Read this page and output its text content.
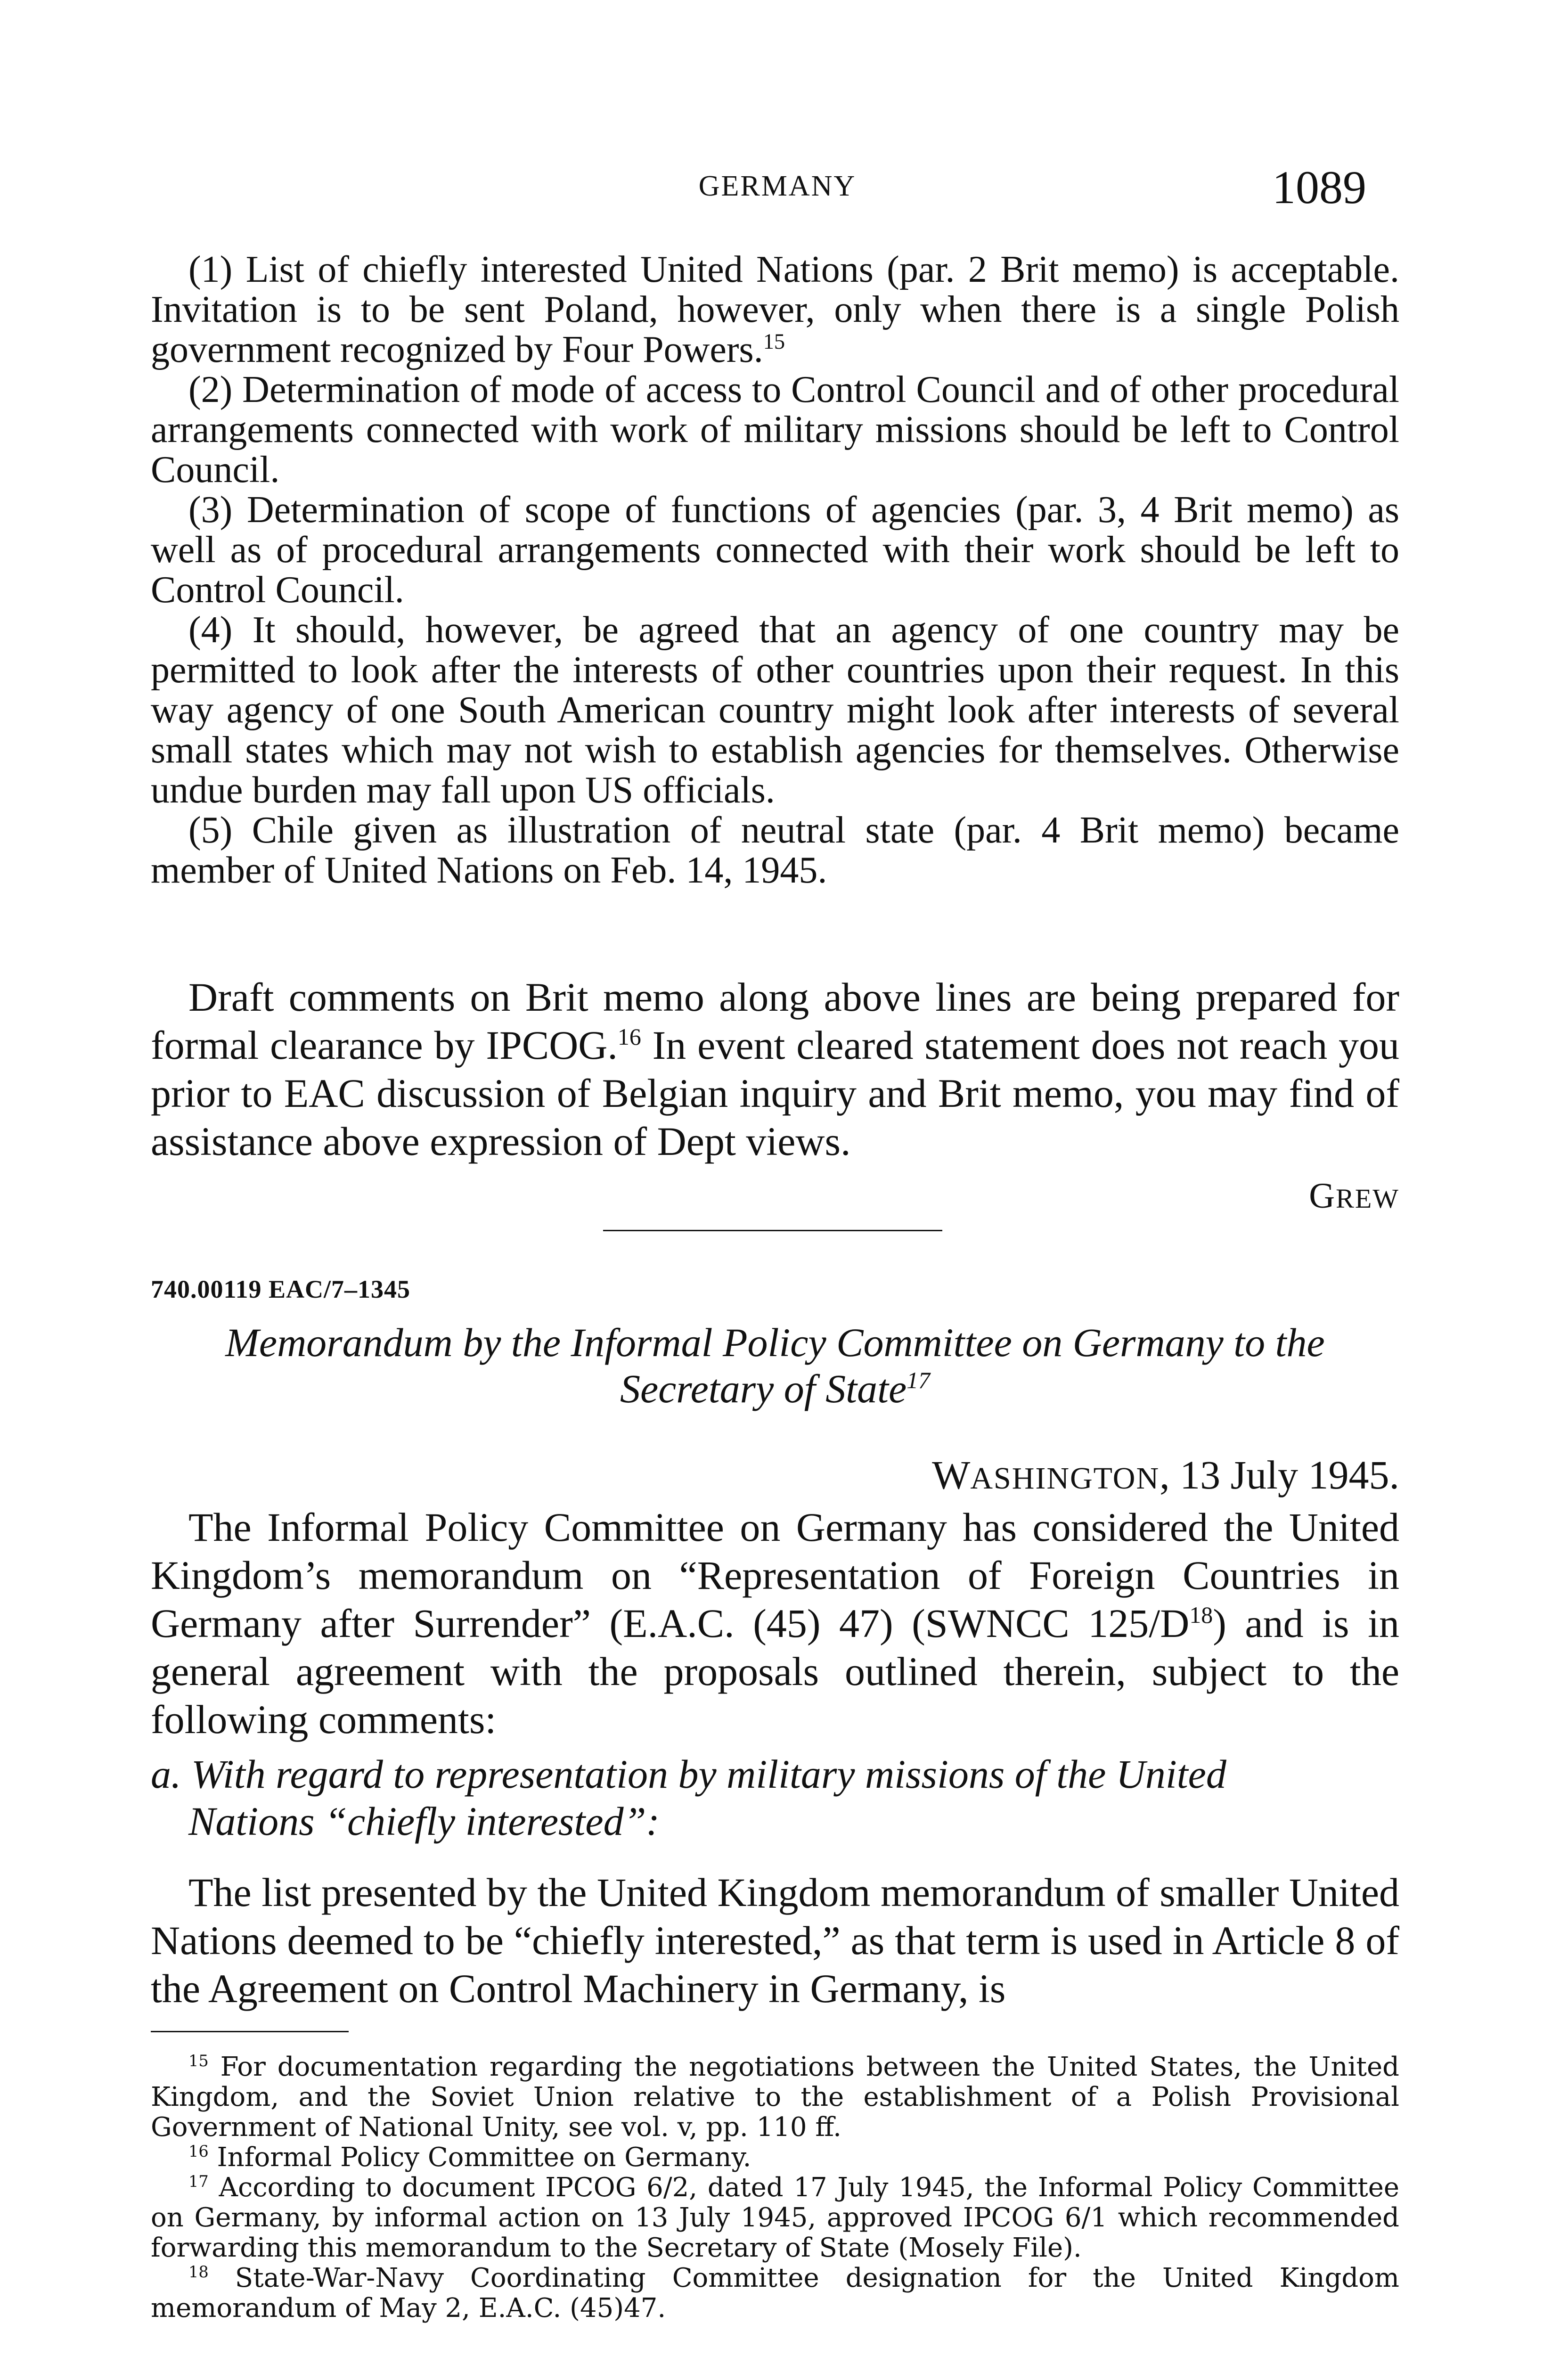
GERMANY	1089

(1) List of chiefly interested United Nations (par. 2 Brit memo) is acceptable. Invitation is to be sent Poland, however, only when there is a single Polish government recognized by Four Powers.$^{15}$

(2) Determination of mode of access to Control Council and of other procedural arrangements connected with work of military missions should be left to Control Council.

(3) Determination of scope of functions of agencies (par. 3, 4 Brit memo) as well as of procedural arrangements connected with their work should be left to Control Council.

(4) It should, however, be agreed that an agency of one country may be permitted to look after the interests of other countries upon their request. In this way agency of one South American country might look after interests of several small states which may not wish to establish agencies for themselves. Otherwise undue burden may fall upon US officials.

(5) Chile given as illustration of neutral state (par. 4 Brit memo) became member of United Nations on Feb. 14, 1945.

Draft comments on Brit memo along above lines are being prepared for formal clearance by IPCOG.$^{16}$ In event cleared statement does not reach you prior to EAC discussion of Belgian inquiry and Brit memo, you may find of assistance above expression of Dept views.

GREW
740.00119 EAC/7–1345
Memorandum by the Informal Policy Committee on Germany to the
Secretary of State$^{17}$
WASHINGTON, 13 July 1945.

The Informal Policy Committee on Germany has considered the United Kingdom’s memorandum on “Representation of Foreign Countries in Germany after Surrender” (E.A.C. (45) 47) (SWNCC $125/D^{18}$) and is in general agreement with the proposals outlined therein, subject to the following comments:

a. With regard to representation by military missions of the United
Nations “chiefly interested”:

The list presented by the United Kingdom memorandum of smaller United Nations deemed to be “chiefly interested,” as that term is used in Article 8 of the Agreement on Control Machinery in Germany, is

$^{15}$ For documentation regarding the negotiations between the United States, the United Kingdom, and the Soviet Union relative to the establishment of a Polish Provisional Government of National Unity, see vol. v, pp. 110 ff.

$^{16}$ Informal Policy Committee on Germany.

$^{17}$ According to document IPCOG 6/2, dated 17 July 1945, the Informal Policy Committee on Germany, by informal action on 13 July 1945, approved IPCOG 6/1 which recommended forwarding this memorandum to the Secretary of State (Mosely File).

$^{18}$ State-War-Navy Coordinating Committee designation for the United Kingdom memorandum of May 2, E.A.C. (45)47.
